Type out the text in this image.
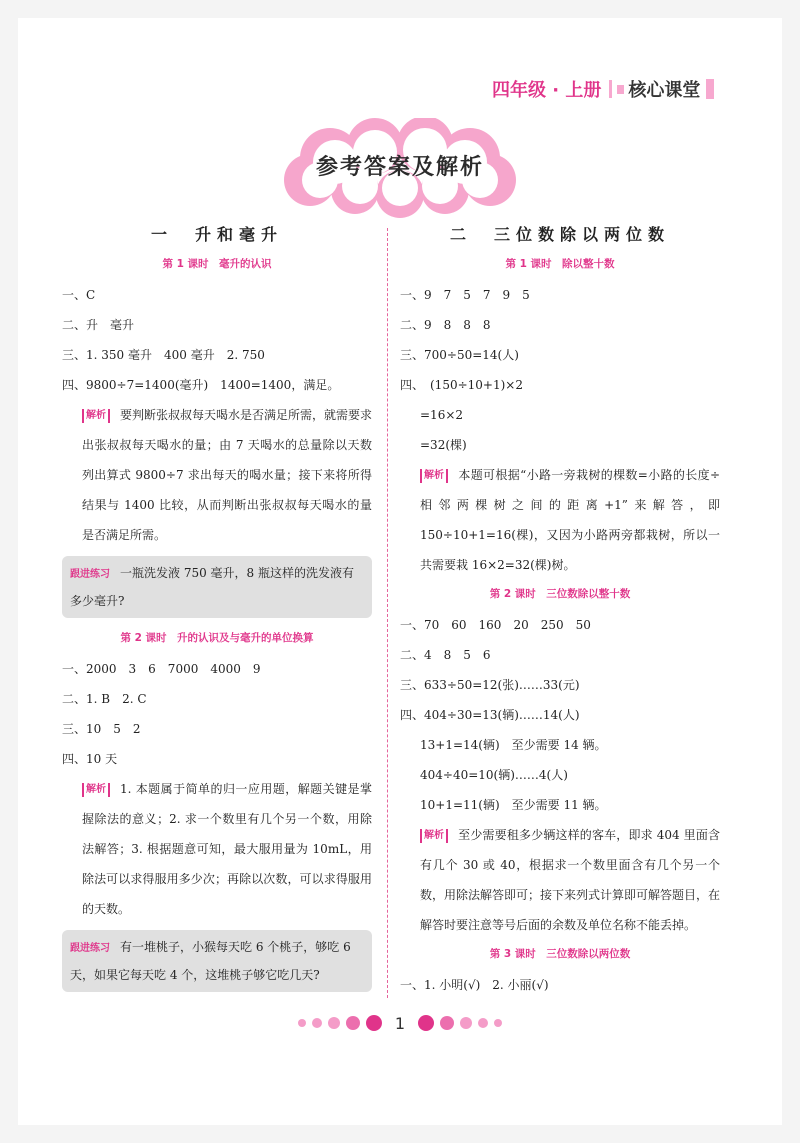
四年级 · 上册 核心课堂
参考答案及解析
一　升和毫升
第 1 课时　毫升的认识
一、C
二、升　毫升
三、1. 350 毫升　400 毫升　2. 750
四、9800÷7=1400(毫升)　1400=1400，满足。
解析 要判断张叔叔每天喝水是否满足所需，就需要求出张叔叔每天喝水的量；由 7 天喝水的总量除以天数列出算式 9800÷7 求出每天的喝水量；接下来将所得结果与 1400 比较，从而判断出张叔叔每天喝水的量是否满足所需。
跟进练习 一瓶洗发液 750 毫升，8 瓶这样的洗发液有多少毫升?
第 2 课时　升的认识及与毫升的单位换算
一、2000　3　6　7000　4000　9
二、1. B　2. C
三、10　5　2
四、10 天
解析 1. 本题属于简单的归一应用题，解题关键是掌握除法的意义；2. 求一个数里有几个另一个数，用除法解答；3. 根据题意可知，最大服用量为 10mL，用除法可以求得服用多少次；再除以次数，可以求得服用的天数。
跟进练习 有一堆桃子，小猴每天吃 6 个桃子，够吃 6 天，如果它每天吃 4 个，这堆桃子够它吃几天?
二　三位数除以两位数
第 1 课时　除以整十数
一、9　7　5　7　9　5
二、9　8　8　8
三、700÷50=14(人)
四、　(150÷10+1)×2
=16×2
=32(棵)
解析 本题可根据“小路一旁栽树的棵数=小路的长度÷相邻两棵树之间的距离+1”来解答，即 150÷10+1=16(棵)，又因为小路两旁都栽树，所以一共需要栽 16×2=32(棵)树。
第 2 课时　三位数除以整十数
一、70　60　160　20　250　50
二、4　8　5　6
三、633÷50=12(张)……33(元)
四、404÷30=13(辆)……14(人)
13+1=14(辆)　至少需要 14 辆。
404÷40=10(辆)……4(人)
10+1=11(辆)　至少需要 11 辆。
解析 至少需要租多少辆这样的客车，即求 404 里面含有几个 30 或 40，根据求一个数里面含有几个另一个数，用除法解答即可；接下来列式计算即可解答题目，在解答时要注意等号后面的余数及单位名称不能丢掉。
第 3 课时　三位数除以两位数
一、1. 小明(√)　2. 小丽(√)
1
